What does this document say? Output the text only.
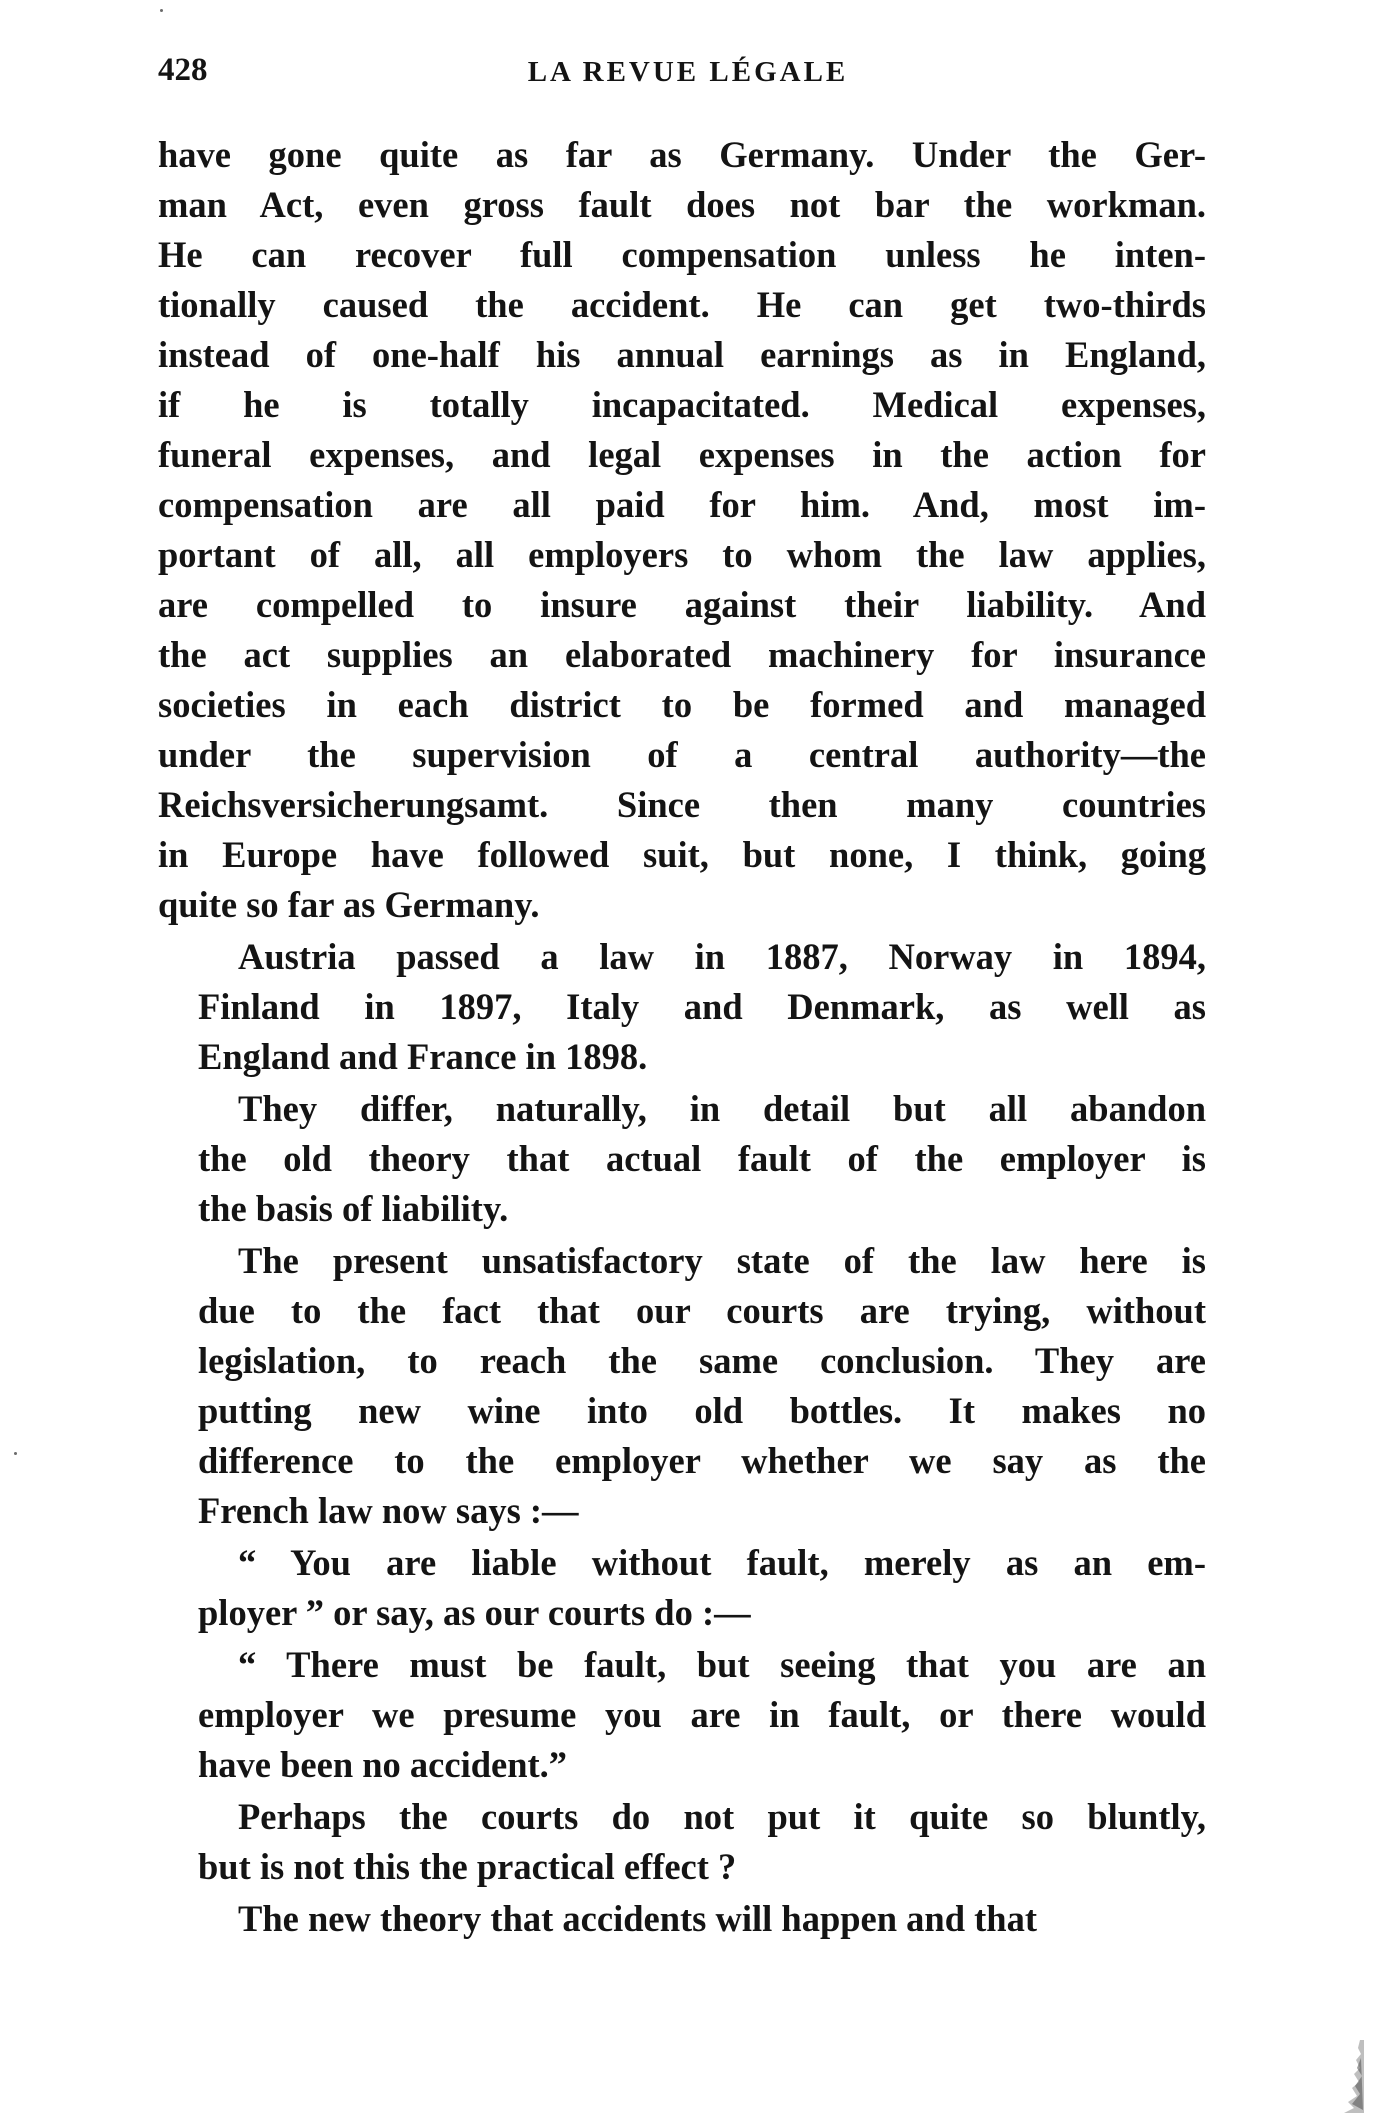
428	LA REVUE LÉGALE
have gone quite as far as Germany. Under the Ger-
man Act, even gross fault does not bar the workman.
He can recover full compensation unless he inten-
tionally caused the accident. He can get two-thirds
instead of one-half his annual earnings as in England,
if he is totally incapacitated. Medical expenses,
funeral expenses, and legal expenses in the action for
compensation are all paid for him. And, most im-
portant of all, all employers to whom the law applies,
are compelled to insure against their liability. And
the act supplies an elaborated machinery for insurance
societies in each district to be formed and managed
under the supervision of a central authority—the
Reichsversicherungsamt. Since then many countries
in Europe have followed suit, but none, I think, going
quite so far as Germany.
Austria passed a law in 1887, Norway in 1894,
Finland in 1897, Italy and Denmark, as well as
England and France in 1898.
They differ, naturally, in detail but all abandon
the old theory that actual fault of the employer is
the basis of liability.
The present unsatisfactory state of the law here is
due to the fact that our courts are trying, without
legislation, to reach the same conclusion. They are
putting new wine into old bottles. It makes no
difference to the employer whether we say as the
French law now says :—
“ You are liable without fault, merely as an em-
ployer ” or say, as our courts do :—
“ There must be fault, but seeing that you are an
employer we presume you are in fault, or there would
have been no accident.”
Perhaps the courts do not put it quite so bluntly,
but is not this the practical effect ?
The new theory that accidents will happen and that
